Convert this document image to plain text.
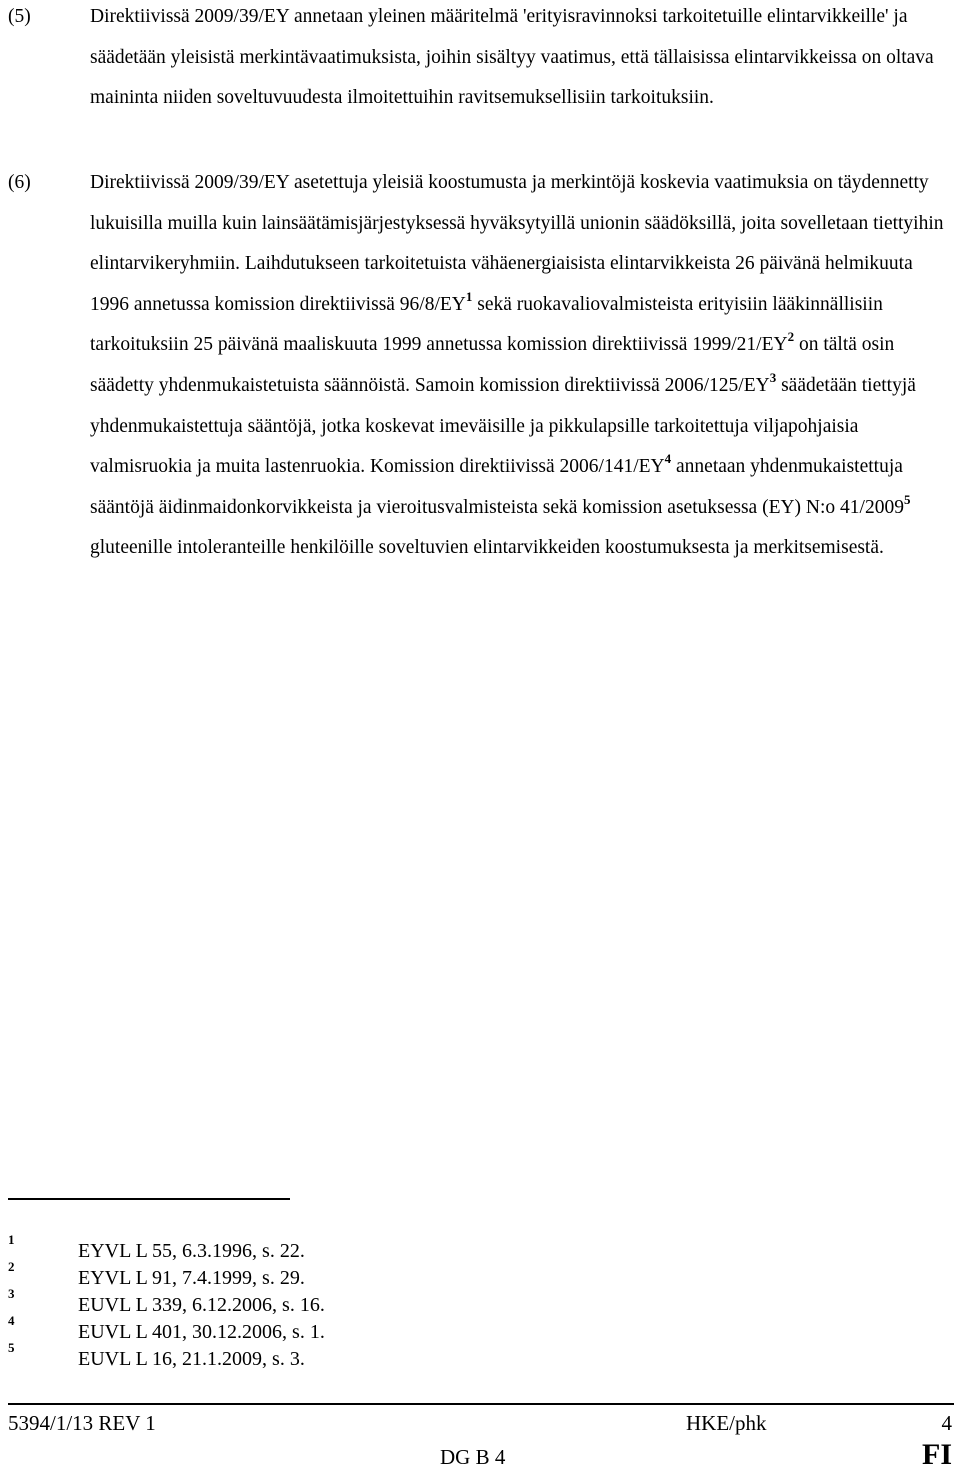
(5)	Direktiivissä 2009/39/EY annetaan yleinen määritelmä 'erityisravinnoksi tarkoitetuille elintarvikkeille' ja säädetään yleisistä merkintävaatimuksista, joihin sisältyy vaatimus, että tällaisissa elintarvikkeissa on oltava maininta niiden soveltuvuudesta ilmoitettuihin ravitsemuksellisiin tarkoituksiin.
(6)	Direktiivissä 2009/39/EY asetettuja yleisiä koostumusta ja merkintöjä koskevia vaatimuksia on täydennetty lukuisilla muilla kuin lainsäätämisjärjestyksessä hyväksytyillä unionin säädöksillä, joita sovelletaan tiettyihin elintarvikeryhmiin. Laihdutukseen tarkoitetuista vähäenergiaisista elintarvikkeista 26 päivänä helmikuuta 1996 annetussa komission direktiivissä $96/8/EY^1$ sekä ruokavaliovalmisteista erityisiin lääkinnällisiin tarkoituksiin 25 päivänä maaliskuuta 1999 annetussa komission direktiivissä $1999/21/EY^2$ on tältä osin säädetty yhdenmukaistetuista säännöistä. Samoin komission direktiivissä $2006/125/EY^3$ säädetään tiettyjä yhdenmukaistettuja sääntöjä, jotka koskevat imeväisille ja pikkulapsille tarkoitettuja viljapohjaisia valmisruokia ja muita lastenruokia. Komission direktiivissä $2006/141/EY^4$ annetaan yhdenmukaistettuja sääntöjä äidinmaidonkorvikkeista ja vieroitusvalmisteista sekä komission asetuksessa (EY) N:o 41/2009$^5$ gluteenille intoleranteille henkilöille soveltuvien elintarvikkeiden koostumuksesta ja merkitsemisestä.
1
EYVL L 55, 6.3.1996, s. 22.
2
EYVL L 91, 7.4.1999, s. 29.
3
EUVL L 339, 6.12.2006, s. 16.
4
EUVL L 401, 30.12.2006, s. 1.
5
EUVL L 16, 21.1.2009, s. 3.
5394/1/13 REV 1	HKE/phk	4
DG B 4	FI
